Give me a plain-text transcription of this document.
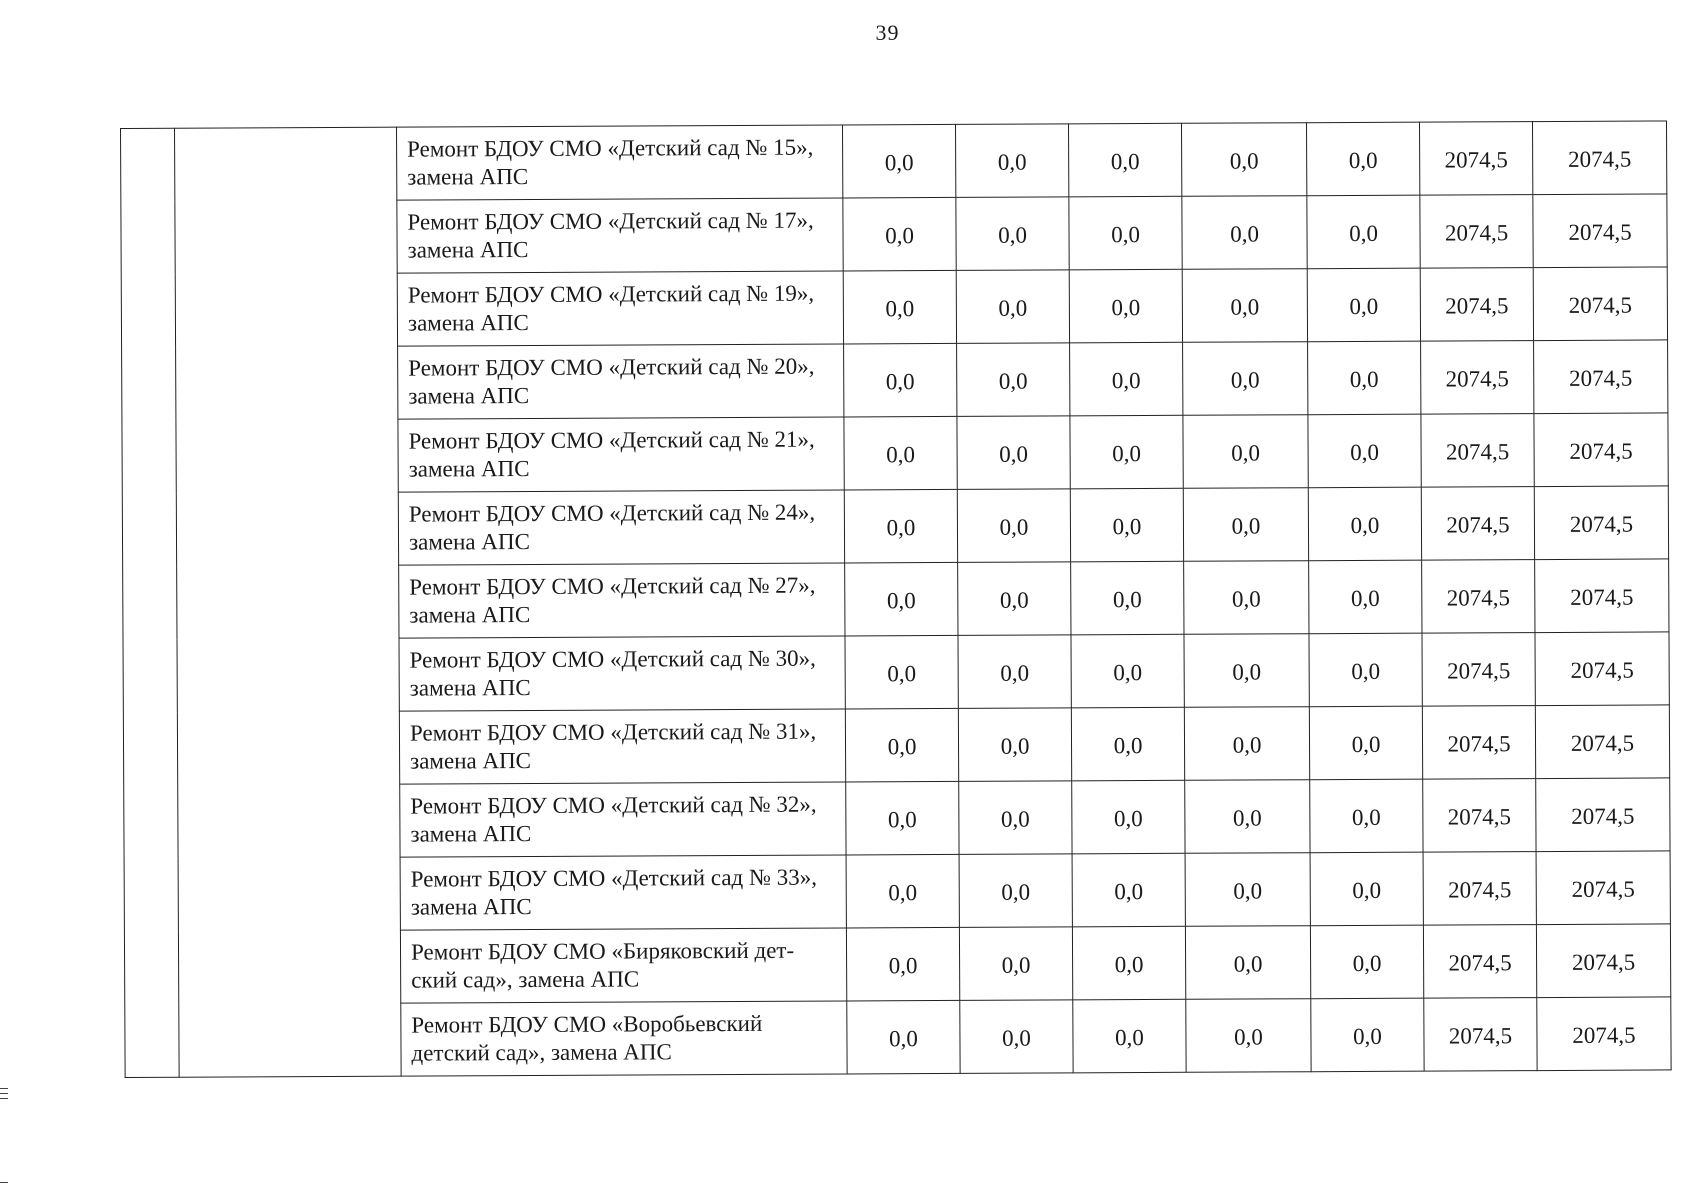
39
		Ремонт БДОУ СМО «Детский сад № 15», замена АПС	0,0	0,0	0,0	0,0	0,0	2074,5	2074,5
		Ремонт БДОУ СМО «Детский сад № 17», замена АПС	0,0	0,0	0,0	0,0	0,0	2074,5	2074,5
		Ремонт БДОУ СМО «Детский сад № 19», замена АПС	0,0	0,0	0,0	0,0	0,0	2074,5	2074,5
		Ремонт БДОУ СМО «Детский сад № 20», замена АПС	0,0	0,0	0,0	0,0	0,0	2074,5	2074,5
		Ремонт БДОУ СМО «Детский сад № 21», замена АПС	0,0	0,0	0,0	0,0	0,0	2074,5	2074,5
		Ремонт БДОУ СМО «Детский сад № 24», замена АПС	0,0	0,0	0,0	0,0	0,0	2074,5	2074,5
		Ремонт БДОУ СМО «Детский сад № 27», замена АПС	0,0	0,0	0,0	0,0	0,0	2074,5	2074,5
		Ремонт БДОУ СМО «Детский сад № 30», замена АПС	0,0	0,0	0,0	0,0	0,0	2074,5	2074,5
		Ремонт БДОУ СМО «Детский сад № 31», замена АПС	0,0	0,0	0,0	0,0	0,0	2074,5	2074,5
		Ремонт БДОУ СМО «Детский сад № 32», замена АПС	0,0	0,0	0,0	0,0	0,0	2074,5	2074,5
		Ремонт БДОУ СМО «Детский сад № 33», замена АПС	0,0	0,0	0,0	0,0	0,0	2074,5	2074,5
		Ремонт БДОУ СМО «Биряковский дет-ский сад», замена АПС	0,0	0,0	0,0	0,0	0,0	2074,5	2074,5
		Ремонт БДОУ СМО «Воробьевский детский сад», замена АПС	0,0	0,0	0,0	0,0	0,0	2074,5	2074,5
